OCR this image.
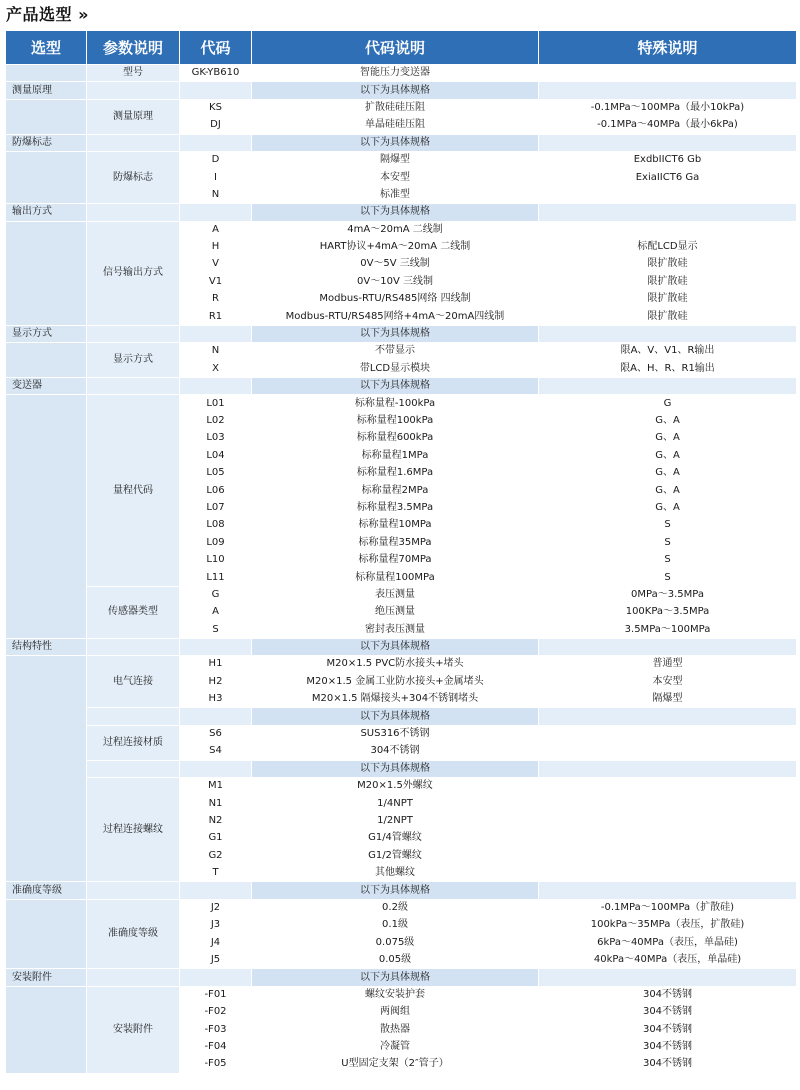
产品选型 »
选型	参数说明	代码	代码说明	特殊说明
	型号	GK-YB610	智能压力变送器	
测量原理			以下为具体规格	
	测量原理	KS	扩散硅硅压阻	-0.1MPa～100MPa（最小10kPa)
		DJ	单晶硅硅压阻	-0.1MPa～40MPa（最小6kPa)
防爆标志			以下为具体规格	
	防爆标志	D	隔爆型	ExdbIICT6 Gb
		I	本安型	ExiaIICT6 Ga
		N	标准型	
输出方式			以下为具体规格	
	信号输出方式	A	4mA～20mA 二线制	
		H	HART协议+4mA～20mA 二线制	标配LCD显示
		V	0V～5V 三线制	限扩散硅
		V1	0V～10V 三线制	限扩散硅
		R	Modbus-RTU/RS485网络 四线制	限扩散硅
		R1	Modbus-RTU/RS485网络+4mA～20mA四线制	限扩散硅
显示方式			以下为具体规格	
	显示方式	N	不带显示	限A、V、V1、R输出
		X	带LCD显示模块	限A、H、R、R1输出
变送器			以下为具体规格	
	量程代码	L01	标称量程-100kPa	G
		L02	标称量程100kPa	G、A
		L03	标称量程600kPa	G、A
		L04	标称量程1MPa	G、A
		L05	标称量程1.6MPa	G、A
		L06	标称量程2MPa	G、A
		L07	标称量程3.5MPa	G、A
		L08	标称量程10MPa	S
		L09	标称量程35MPa	S
		L10	标称量程70MPa	S
		L11	标称量程100MPa	S
	传感器类型	G	表压测量	0MPa～3.5MPa
		A	绝压测量	100KPa～3.5MPa
		S	密封表压测量	3.5MPa～100MPa
结构特性			以下为具体规格	
	电气连接	H1	M20×1.5 PVC防水接头+堵头	普通型
		H2	M20×1.5 金属工业防水接头+金属堵头	本安型
		H3	M20×1.5 隔爆接头+304不锈钢堵头	隔爆型
			以下为具体规格	
	过程连接材质	S6	SUS316不锈钢	
		S4	304不锈钢	
			以下为具体规格	
	过程连接螺纹	M1	M20×1.5外螺纹	
		N1	1/4NPT	
		N2	1/2NPT	
		G1	G1/4管螺纹	
		G2	G1/2管螺纹	
		T	其他螺纹	
准确度等级			以下为具体规格	
	准确度等级	J2	0.2级	-0.1MPa～100MPa（扩散硅)
		J3	0.1级	100kPa～35MPa（表压，扩散硅)
		J4	0.075级	6kPa～40MPa（表压，单晶硅)
		J5	0.05级	40kPa～40MPa（表压，单晶硅)
安装附件			以下为具体规格	
	安装附件	-F01	螺纹安装护套	304不锈钢
		-F02	两阀组	304不锈钢
		-F03	散热器	304不锈钢
		-F04	冷凝管	304不锈钢
		-F05	U型固定支架（2″管子）	304不锈钢
